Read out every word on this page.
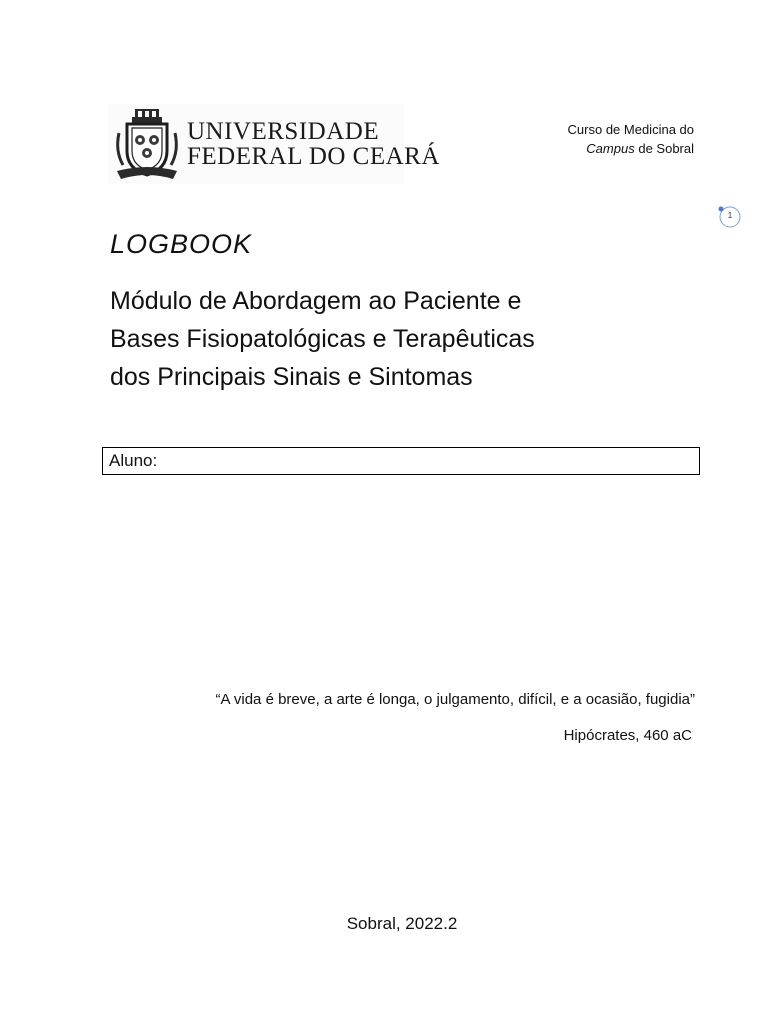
UNIVERSIDADE
FEDERAL DO CEARÁ
Curso de Medicina do
Campus de Sobral
1
LOGBOOK
Módulo de Abordagem ao Paciente e
Bases Fisiopatológicas e Terapêuticas
dos Principais Sinais e Sintomas
Aluno:
“A vida é breve, a arte é longa, o julgamento, difícil, e a ocasião, fugidia”
Hipócrates, 460 aC
Sobral, 2022.2
